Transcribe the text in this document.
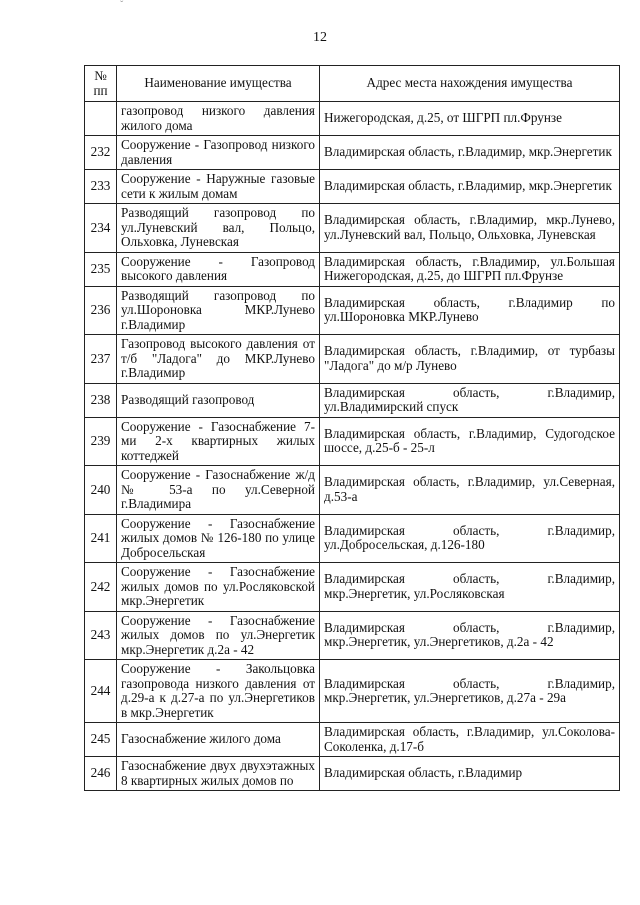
ˇ
12
№ пп	Наименование имущества	Адрес места нахождения имущества
	газопровод низкого давления жилого дома	Нижегородская, д.25, от ШГРП пл.Фрунзе
232	Сооружение - Газопровод низкого давления	Владимирская область, г.Владимир, мкр.Энергетик
233	Сооружение - Наружные газовые сети к жилым домам	Владимирская область, г.Владимир, мкр.Энергетик
234	Разводящий газопровод по ул.Луневский вал, Польцо, Ольховка, Луневская	Владимирская область, г.Владимир, мкр.Лунево, ул.Луневский вал, Польцо, Ольховка, Луневская
235	Сооружение - Газопровод высокого давления	Владимирская область, г.Владимир, ул.Большая Нижегородская, д.25, до ШГРП пл.Фрунзе
236	Разводящий газопровод по ул.Шороновка МКР.Лунево г.Владимир	Владимирская область, г.Владимир по ул.Шороновка МКР.Лунево
237	Газопровод высокого давления от т/б "Ладога" до МКР.Лунево г.Владимир	Владимирская область, г.Владимир, от турбазы "Ладога" до м/р Лунево
238	Разводящий газопровод	Владимирская область, г.Владимир, ул.Владимирский спуск
239	Сооружение - Газоснабжение 7-ми 2-х квартирных жилых коттеджей	Владимирская область, г.Владимир, Судогодское шоссе, д.25-б - 25-л
240	Сооружение - Газоснабжение ж/д № 53-а по ул.Северной г.Владимира	Владимирская область, г.Владимир, ул.Северная, д.53-а
241	Сооружение - Газоснабжение жилых домов № 126-180 по улице Добросельская	Владимирская область, г.Владимир, ул.Добросельская, д.126-180
242	Сооружение - Газоснабжение жилых домов по ул.Росляковской мкр.Энергетик	Владимирская область, г.Владимир, мкр.Энергетик, ул.Росляковская
243	Сооружение - Газоснабжение жилых домов по ул.Энергетик мкр.Энергетик д.2а - 42	Владимирская область, г.Владимир, мкр.Энергетик, ул.Энергетиков, д.2а - 42
244	Сооружение - Закольцовка газопровода низкого давления от д.29-а к д.27-а по ул.Энергетиков в мкр.Энергетик	Владимирская область, г.Владимир, мкр.Энергетик, ул.Энергетиков, д.27а - 29а
245	Газоснабжение жилого дома	Владимирская область, г.Владимир, ул.Соколова-Соколенка, д.17-б
246	Газоснабжение двух двухэтажных 8 квартирных жилых домов по	Владимирская область, г.Владимир
